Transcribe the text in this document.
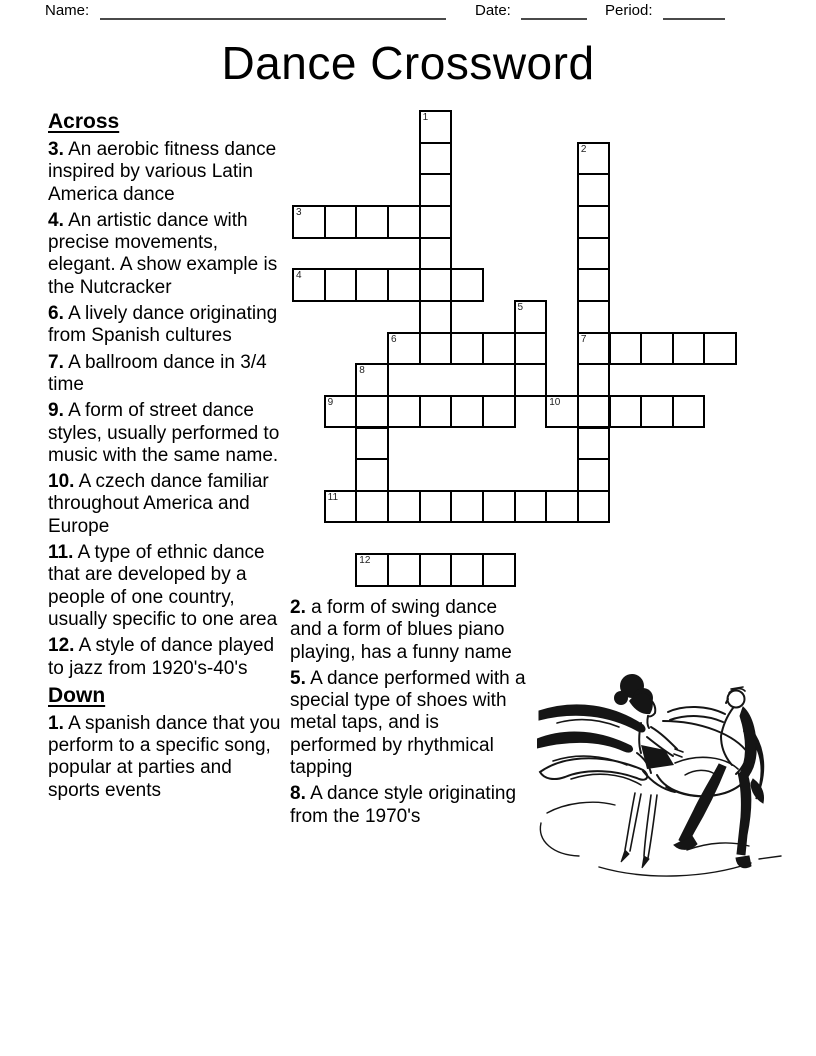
Name:	Date:	Period:
Dance Crossword
1
2
3
4
5
6	7
8
9	10
11
12
Across

3. An aerobic fitness dance inspired by various Latin America dance

4. An artistic dance with precise movements, elegant. A show example is the Nutcracker

6. A lively dance originating from Spanish cultures

7. A ballroom dance in 3/4 time

9. A form of street dance styles, usually performed to music with the same name.

10. A czech dance familiar throughout America and Europe

11. A type of ethnic dance that are developed by a people of one country, usually specific to one area

12. A style of dance played to jazz from 1920's-40's

Down

1. A spanish dance that you perform to a specific song, popular at parties and sports events

2. a form of swing dance and a form of blues piano playing, has a funny name

5. A dance performed with a special type of shoes with metal taps, and is performed by rhythmical tapping

8. A dance style originating from the 1970's
